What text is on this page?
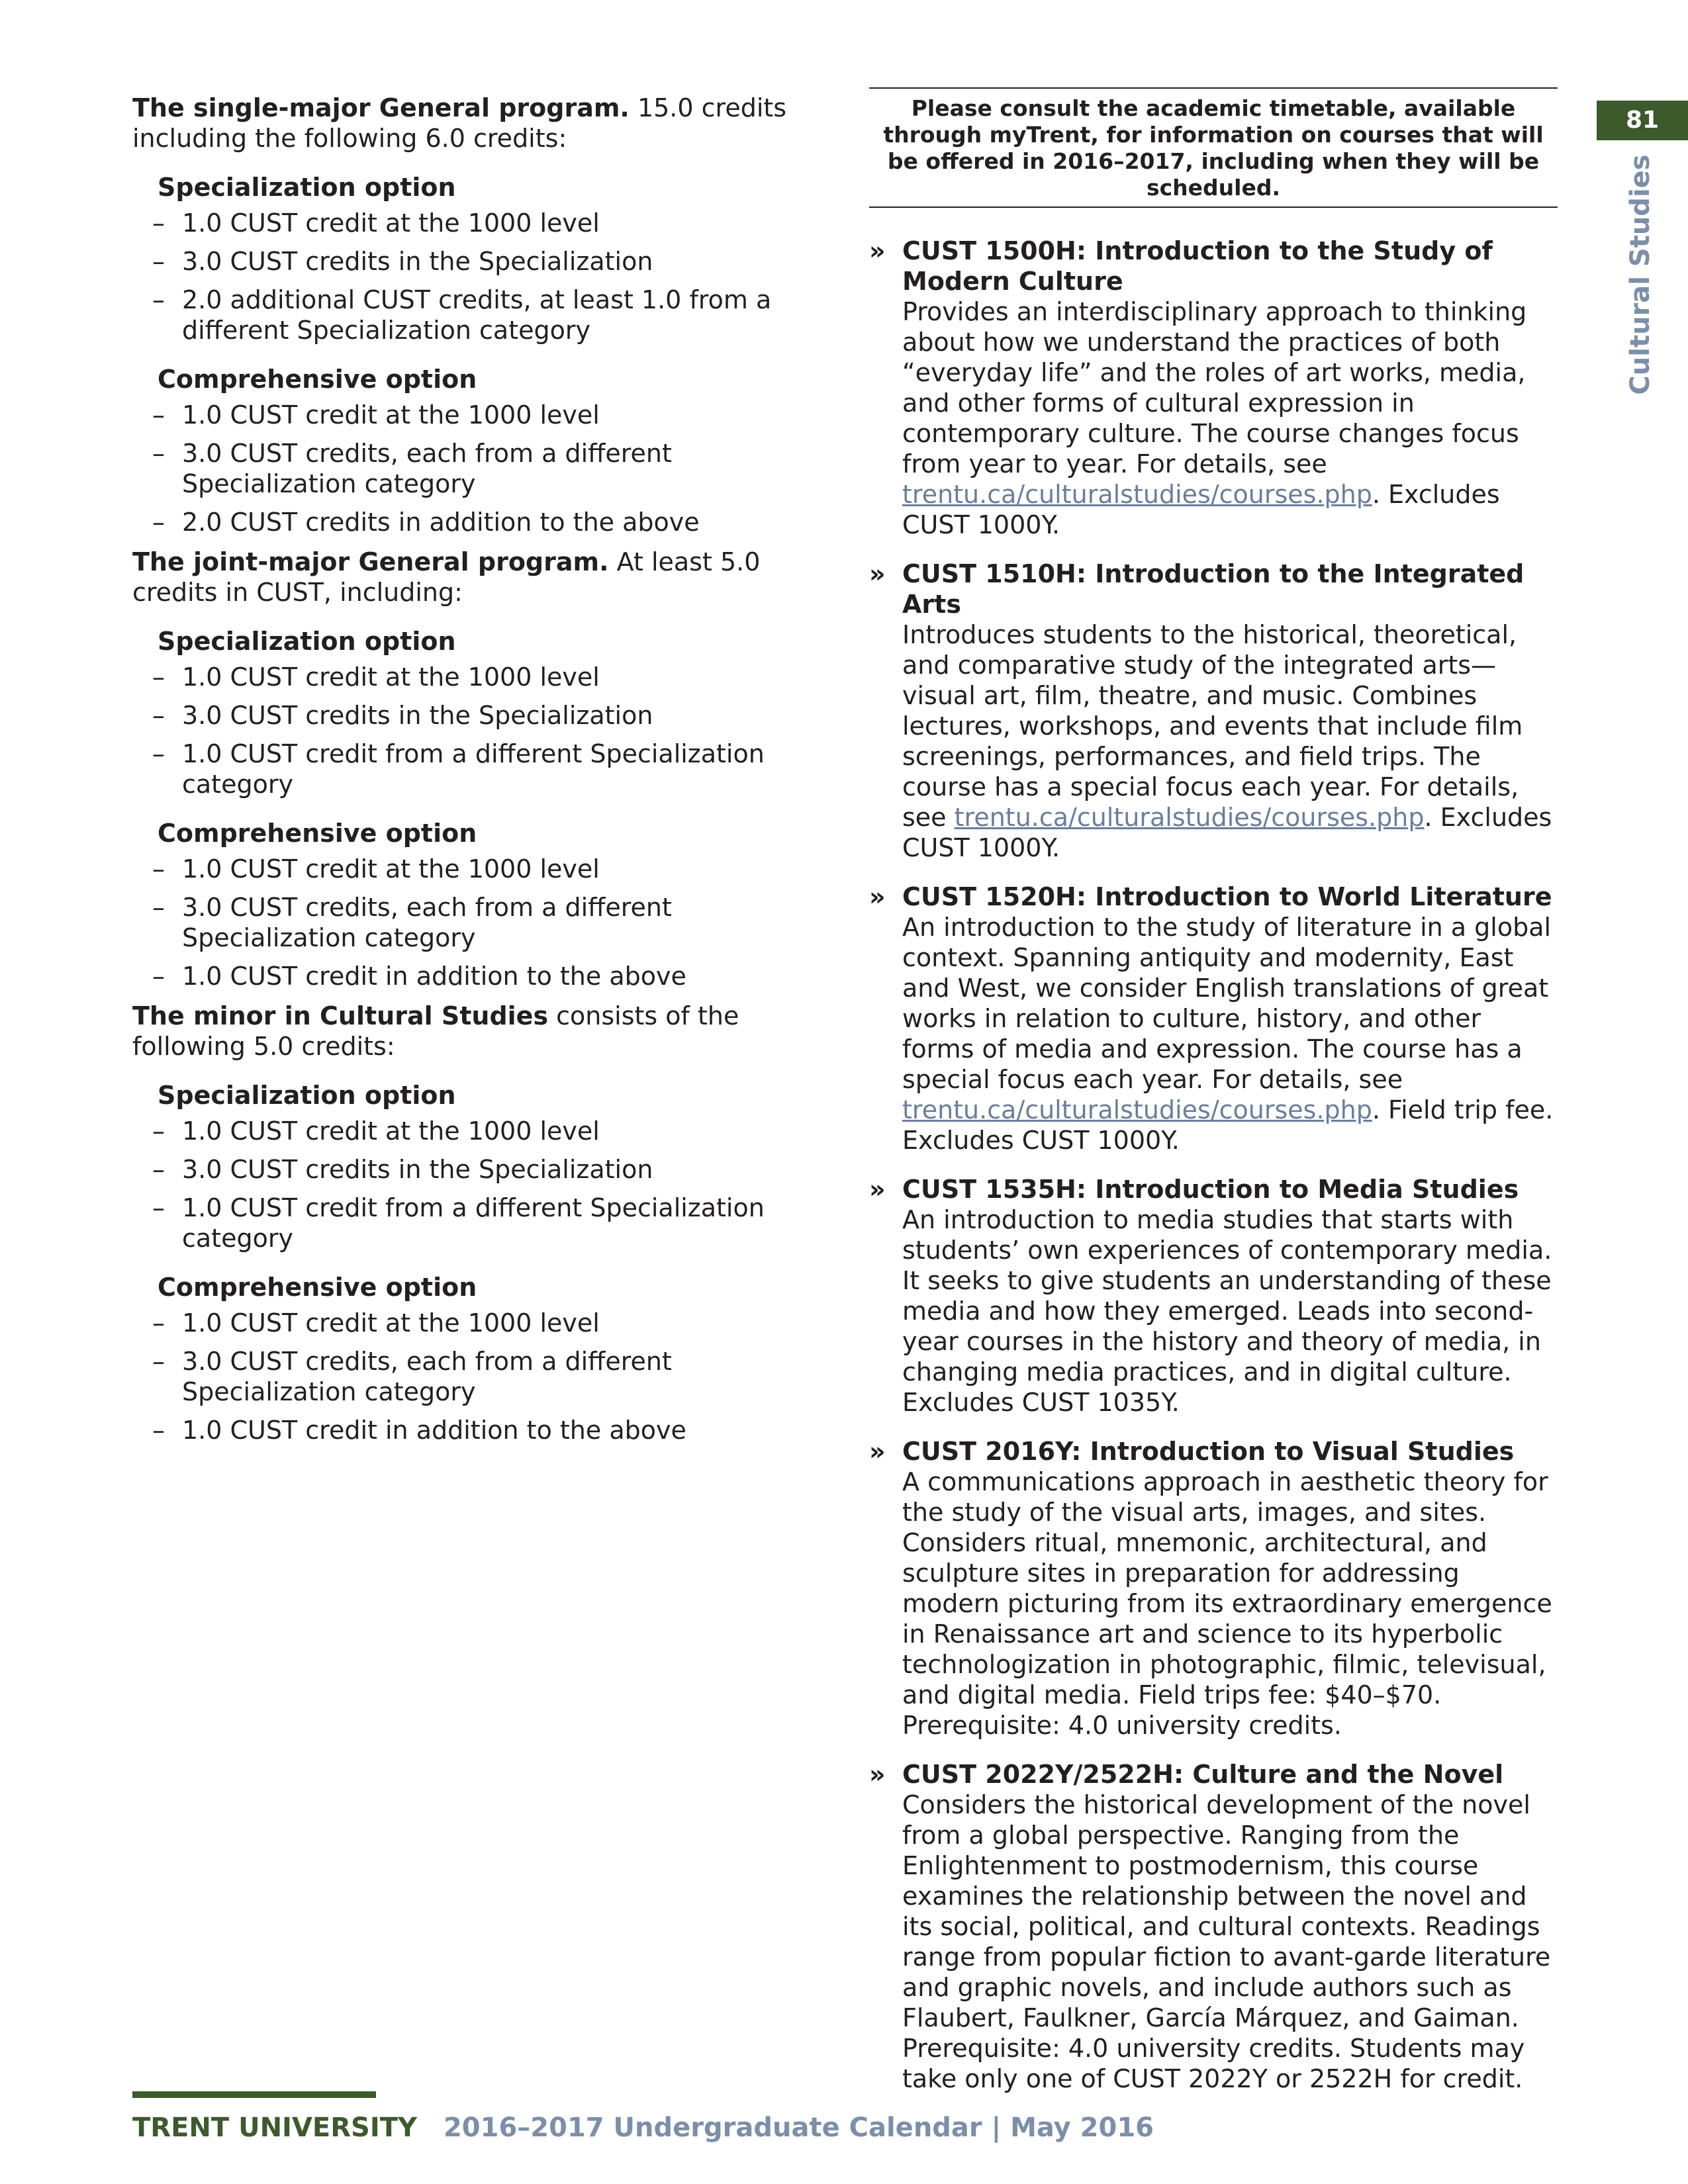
The single-major General program. 15.0 credits including the following 6.0 credits:

Specialization option
– 1.0 CUST credit at the 1000 level
– 3.0 CUST credits in the Specialization
– 2.0 additional CUST credits, at least 1.0 from a different Specialization category
Comprehensive option
– 1.0 CUST credit at the 1000 level
– 3.0 CUST credits, each from a different Specialization category
– 2.0 CUST credits in addition to the above

The joint-major General program. At least 5.0 credits in CUST, including:

Specialization option
– 1.0 CUST credit at the 1000 level
– 3.0 CUST credits in the Specialization
– 1.0 CUST credit from a different Specialization category
Comprehensive option
– 1.0 CUST credit at the 1000 level
– 3.0 CUST credits, each from a different Specialization category
– 1.0 CUST credit in addition to the above

The minor in Cultural Studies consists of the following 5.0 credits:

Specialization option
– 1.0 CUST credit at the 1000 level
– 3.0 CUST credits in the Specialization
– 1.0 CUST credit from a different Specialization category
Comprehensive option
– 1.0 CUST credit at the 1000 level
– 3.0 CUST credits, each from a different Specialization category
– 1.0 CUST credit in addition to the above
Please consult the academic timetable, available through myTrent, for information on courses that will be offered in 2016–2017, including when they will be scheduled.
» CUST 1500H: Introduction to the Study of Modern Culture
Provides an interdisciplinary approach to thinking about how we understand the practices of both “everyday life” and the roles of art works, media, and other forms of cultural expression in contemporary culture. The course changes focus from year to year. For details, see trentu.ca/culturalstudies/courses.php. Excludes CUST 1000Y.
» CUST 1510H: Introduction to the Integrated Arts
Introduces students to the historical, theoretical, and comparative study of the integrated arts—visual art, film, theatre, and music. Combines lectures, workshops, and events that include film screenings, performances, and field trips. The course has a special focus each year. For details, see trentu.ca/culturalstudies/courses.php. Excludes CUST 1000Y.
» CUST 1520H: Introduction to World Literature
An introduction to the study of literature in a global context. Spanning antiquity and modernity, East and West, we consider English translations of great works in relation to culture, history, and other forms of media and expression. The course has a special focus each year. For details, see trentu.ca/culturalstudies/courses.php. Field trip fee. Excludes CUST 1000Y.
» CUST 1535H: Introduction to Media Studies
An introduction to media studies that starts with students’ own experiences of contemporary media. It seeks to give students an understanding of these media and how they emerged. Leads into second-year courses in the history and theory of media, in changing media practices, and in digital culture. Excludes CUST 1035Y.
» CUST 2016Y: Introduction to Visual Studies
A communications approach in aesthetic theory for the study of the visual arts, images, and sites. Considers ritual, mnemonic, architectural, and sculpture sites in preparation for addressing modern picturing from its extraordinary emergence in Renaissance art and science to its hyperbolic technologization in photographic, filmic, televisual, and digital media. Field trips fee: $40–$70. Prerequisite: 4.0 university credits.
» CUST 2022Y/2522H: Culture and the Novel
Considers the historical development of the novel from a global perspective. Ranging from the Enlightenment to postmodernism, this course examines the relationship between the novel and its social, political, and cultural contexts. Readings range from popular fiction to avant-garde literature and graphic novels, and include authors such as Flaubert, Faulkner, García Márquez, and Gaiman. Prerequisite: 4.0 university credits. Students may take only one of CUST 2022Y or 2522H for credit.
81
Cultural Studies
TRENT UNIVERSITY 2016–2017 Undergraduate Calendar | May 2016
